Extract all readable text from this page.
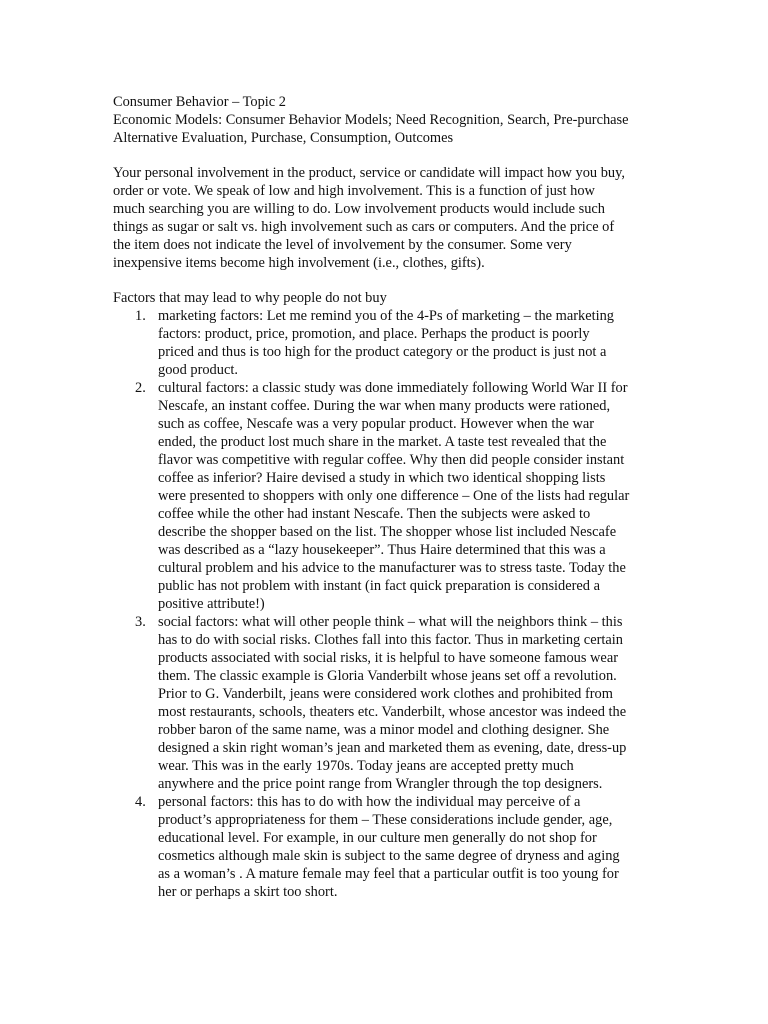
Consumer Behavior – Topic 2

Economic Models: Consumer Behavior Models; Need Recognition, Search, Pre-purchase

Alternative Evaluation, Purchase, Consumption, Outcomes

Your personal involvement in the product, service or candidate will impact how you buy,

order or vote. We speak of low and high involvement. This is a function of just how

much searching you are willing to do. Low involvement products would include such

things as sugar or salt vs. high involvement such as cars or computers. And the price of

the item does not indicate the level of involvement by the consumer. Some very

inexpensive items become high involvement (i.e., clothes, gifts).

Factors that may lead to why people do not buy

1. marketing factors: Let me remind you of the 4-Ps of marketing – the marketing

factors: product, price, promotion, and place. Perhaps the product is poorly

priced and thus is too high for the product category or the product is just not a

good product.

2. cultural factors: a classic study was done immediately following World War II for

Nescafe, an instant coffee. During the war when many products were rationed,

such as coffee, Nescafe was a very popular product. However when the war

ended, the product lost much share in the market. A taste test revealed that the

flavor was competitive with regular coffee. Why then did people consider instant

coffee as inferior? Haire devised a study in which two identical shopping lists

were presented to shoppers with only one difference – One of the lists had regular

coffee while the other had instant Nescafe. Then the subjects were asked to

describe the shopper based on the list. The shopper whose list included Nescafe

was described as a “lazy housekeeper”. Thus Haire determined that this was a

cultural problem and his advice to the manufacturer was to stress taste. Today the

public has not problem with instant (in fact quick preparation is considered a

positive attribute!)

3. social factors: what will other people think – what will the neighbors think – this

has to do with social risks. Clothes fall into this factor. Thus in marketing certain

products associated with social risks, it is helpful to have someone famous wear

them. The classic example is Gloria Vanderbilt whose jeans set off a revolution.

Prior to G. Vanderbilt, jeans were considered work clothes and prohibited from

most restaurants, schools, theaters etc. Vanderbilt, whose ancestor was indeed the

robber baron of the same name, was a minor model and clothing designer. She

designed a skin right woman’s jean and marketed them as evening, date, dress-up

wear. This was in the early 1970s. Today jeans are accepted pretty much

anywhere and the price point range from Wrangler through the top designers.

4. personal factors: this has to do with how the individual may perceive of a

product’s appropriateness for them – These considerations include gender, age,

educational level. For example, in our culture men generally do not shop for

cosmetics although male skin is subject to the same degree of dryness and aging

as a woman’s . A mature female may feel that a particular outfit is too young for

her or perhaps a skirt too short.
